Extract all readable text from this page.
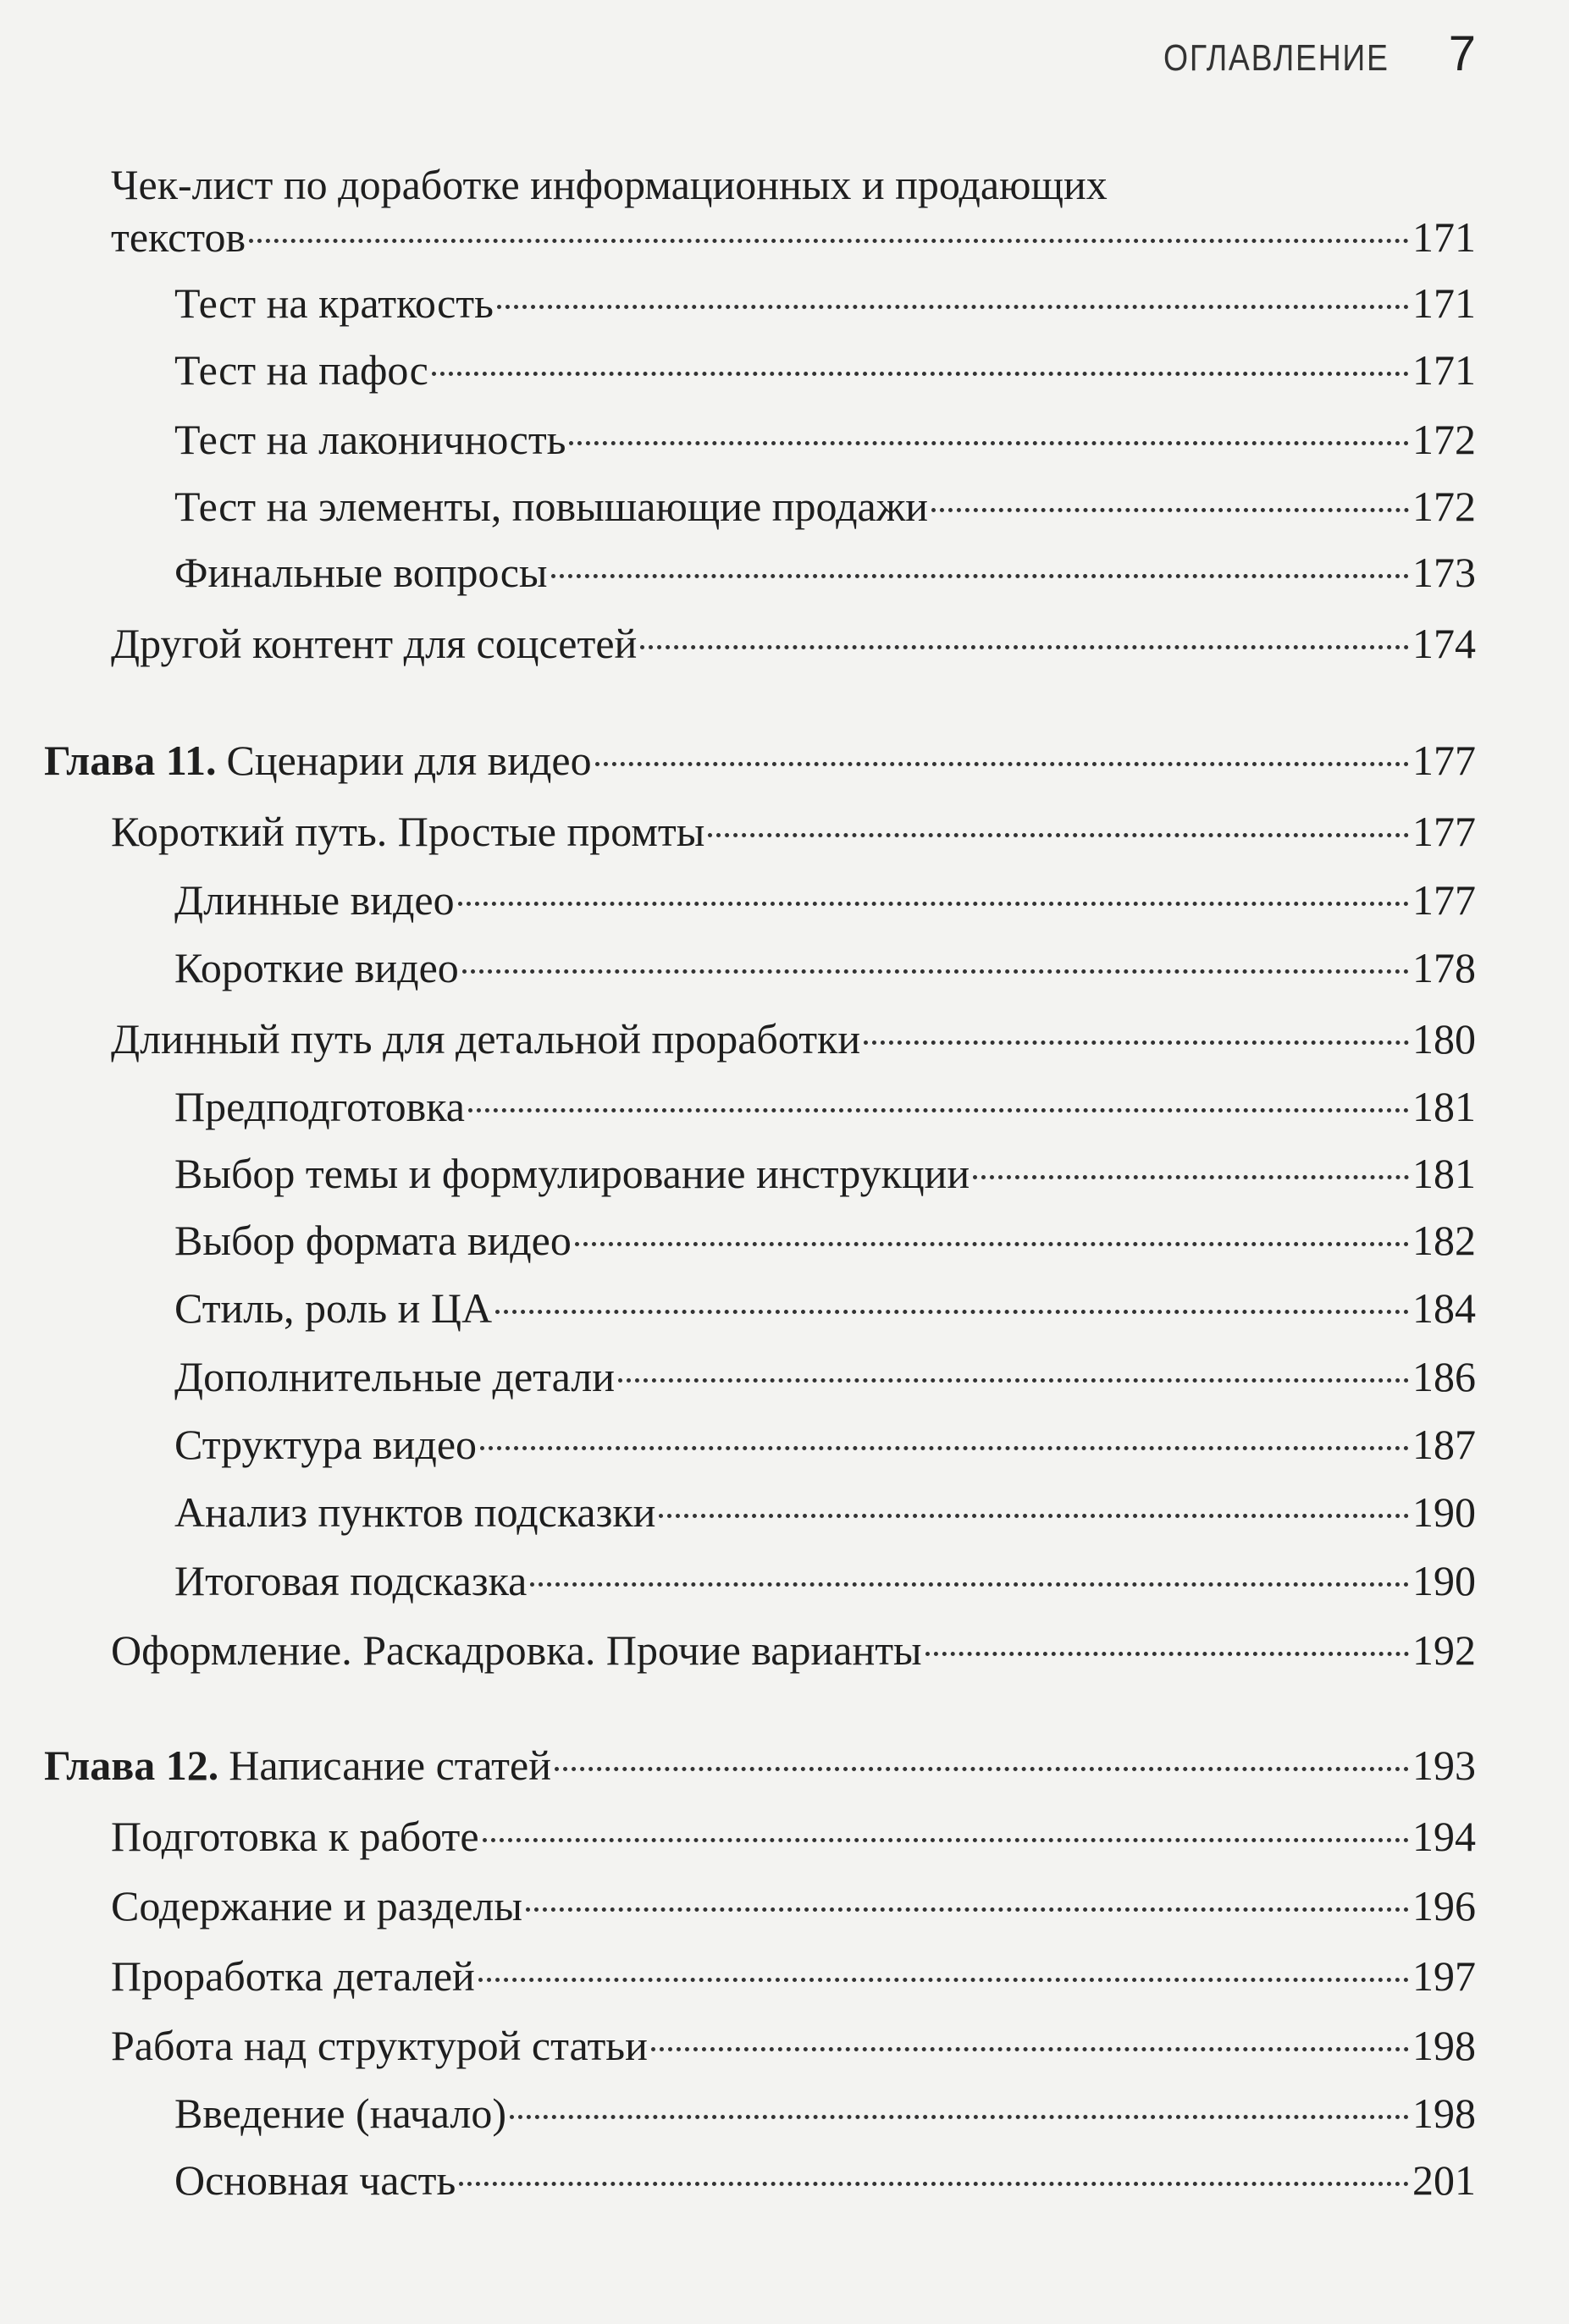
ОГЛАВЛЕНИЕ 7
Чек-лист по доработке информационных и продающих
текстов	171
Тест на краткость	171
Тест на пафос	171
Тест на лаконичность	172
Тест на элементы, повышающие продажи	172
Финальные вопросы	173
Другой контент для соцсетей	174
Глава 11. Сценарии для видео	177
Короткий путь. Простые промты	177
Длинные видео	177
Короткие видео	178
Длинный путь для детальной проработки	180
Предподготовка	181
Выбор темы и формулирование инструкции	181
Выбор формата видео	182
Стиль, роль и ЦА	184
Дополнительные детали	186
Структура видео	187
Анализ пунктов подсказки	190
Итоговая подсказка	190
Оформление. Раскадровка. Прочие варианты	192
Глава 12. Написание статей	193
Подготовка к работе	194
Содержание и разделы	196
Проработка деталей	197
Работа над структурой статьи	198
Введение (начало)	198
Основная часть	201
